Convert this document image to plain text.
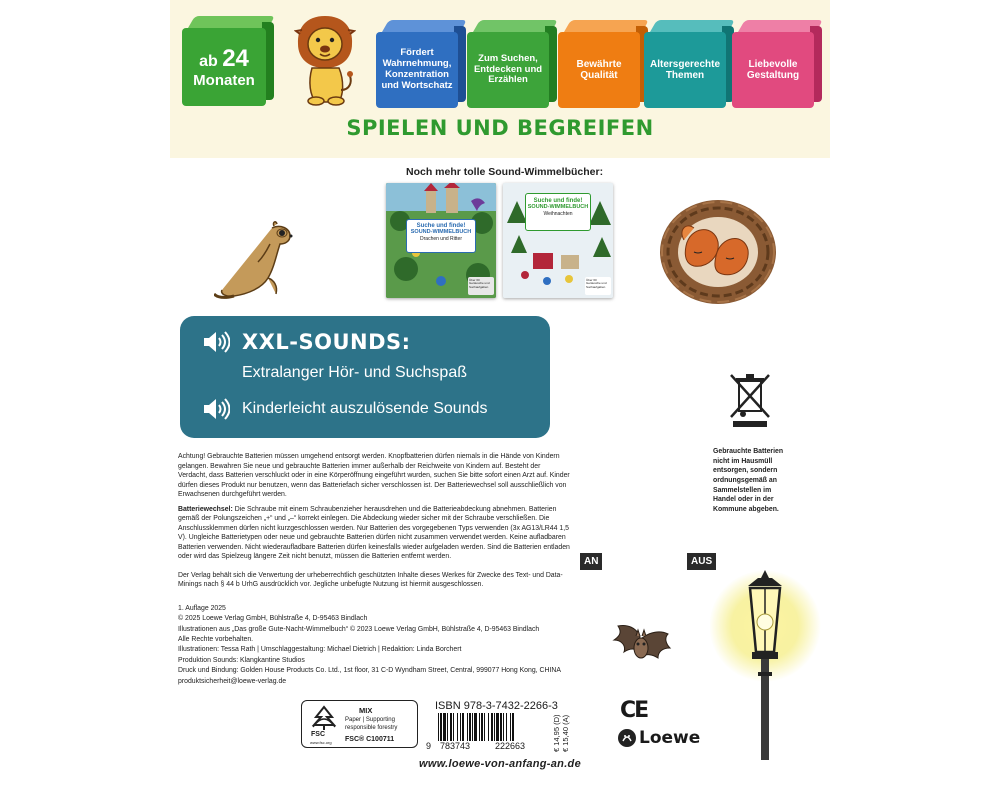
ab 24
Monaten
Fördert Wahrnehmung, Konzentration und Wortschatz
Zum Suchen, Entdecken und Erzählen
Bewährte Qualität
Altersgerechte Themen
Liebevolle Gestaltung
SPIELEN UND BEGREIFEN
Noch mehr tolle Sound-Wimmelbücher:
Suche und finde!
SOUND-WIMMELBUCH
Drachen und Ritter
Über 60 Geräusche und Suchaufgaben
Suche und finde!
SOUND-WIMMELBUCH
Weihnachten
Über 60 Geräusche und Suchaufgaben
XXL-SOUNDS:
Extralanger Hör- und Suchspaß
Kinderleicht auszulösende Sounds

Achtung! Gebrauchte Batterien müssen umgehend entsorgt werden. Knopfbatterien dürfen niemals in die Hände von Kindern gelangen. Bewahren Sie neue und gebrauchte Batterien immer außerhalb der Reichweite von Kindern auf. Besteht der Verdacht, dass Batterien verschluckt oder in eine Körperöffnung eingeführt wurden, suchen Sie bitte sofort einen Arzt auf. Kinder dürfen dieses Produkt nur benutzen, wenn das Batteriefach sicher verschlossen ist. Der Batteriewechsel soll ausschließlich von Erwachsenen durchgeführt werden.

Batteriewechsel: Die Schraube mit einem Schraubenzieher herausdrehen und die Batterieabdeckung abnehmen. Batterien gemäß der Polungszeichen „+“ und „–“ korrekt einlegen. Die Abdeckung wieder sicher mit der Schraube verschließen. Die Anschlussklemmen dürfen nicht kurzgeschlossen werden. Nur Batterien des vorgegebenen Typs verwenden (3x AG13/LR44 1,5 V). Ungleiche Batterietypen oder neue und gebrauchte Batterien dürfen nicht zusammen verwendet werden. Keine aufladbaren Batterien verwenden. Nicht wiederaufladbare Batterien dürfen keinesfalls wieder aufgeladen werden. Sind die Batterien entladen oder wird das Spielzeug längere Zeit nicht benutzt, müssen die Batterien entfernt werden.

Der Verlag behält sich die Verwertung der urheberrechtlich geschützten Inhalte dieses Werkes für Zwecke des Text- und Data-Minings nach § 44 b UrhG ausdrücklich vor. Jegliche unbefugte Nutzung ist hiermit ausgeschlossen.

1. Auflage 2025
© 2025 Loewe Verlag GmbH, Bühlstraße 4, D-95463 Bindlach
Illustrationen aus „Das große Gute-Nacht-Wimmelbuch“ © 2023 Loewe Verlag GmbH, Bühlstraße 4, D-95463 Bindlach
Alle Rechte vorbehalten.
Illustrationen: Tessa Rath | Umschlaggestaltung: Michael Dietrich | Redaktion: Linda Borchert
Produktion Sounds: Klangkantine Studios
Druck und Bindung: Golden House Products Co. Ltd., 1st floor, 31 C-D Wyndham Street, Central, 999077 Hong Kong, CHINA
produktsicherheit@loewe-verlag.de
Gebrauchte Batterien nicht im Hausmüll entsorgen, sondern ordnungsgemäß an Sammelstellen im Handel oder in der Kommune abgeben.
AN	AUS
MIX
Paper | Supporting responsible forestry
FSC® C100711
FSC
www.fsc.org
ISBN 978-3-7432-2266-3
9 783743	222663	€ 14,95 (D) € 15,40 (A)
CE
Loewe
www.loewe-von-anfang-an.de
